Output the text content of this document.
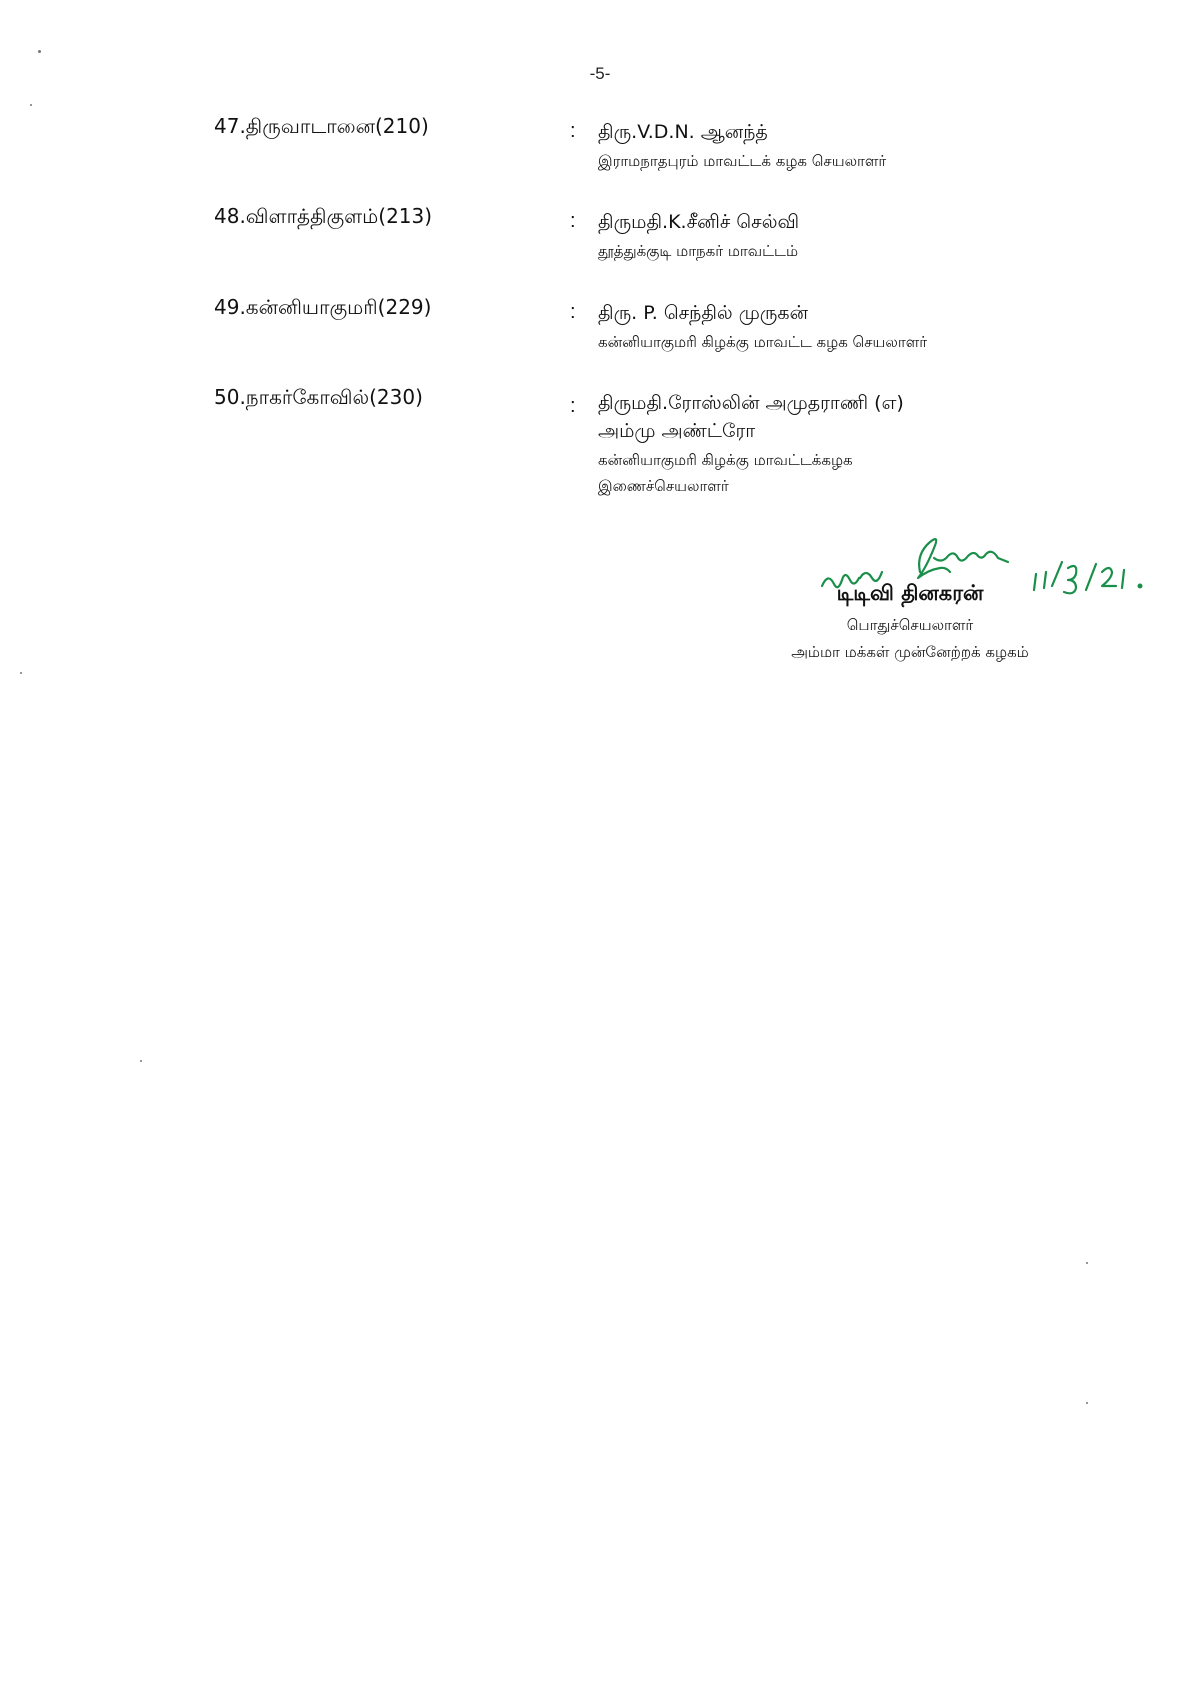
-5-
47.திருவாடானை(210)	: திரு.V.D.N. ஆனந்த்
இராமநாதபுரம் மாவட்டக் கழக செயலாளர்
48.விளாத்திகுளம்(213)	: திருமதி.K.சீனிச் செல்வி
தூத்துக்குடி மாநகர் மாவட்டம்
49.கன்னியாகுமரி(229)	: திரு. P. செந்தில் முருகன்
கன்னியாகுமரி கிழக்கு மாவட்ட கழக செயலாளர்
50.நாகர்கோவில்(230)	: திருமதி.ரோஸ்லின் அமுதராணி (எ)
அம்மு அண்ட்ரோ
கன்னியாகுமரி கிழக்கு மாவட்டக்கழக
இணைச்செயலாளர்
டிடிவி தினகரன்
பொதுச்செயலாளர்
அம்மா மக்கள் முன்னேற்றக் கழகம்
